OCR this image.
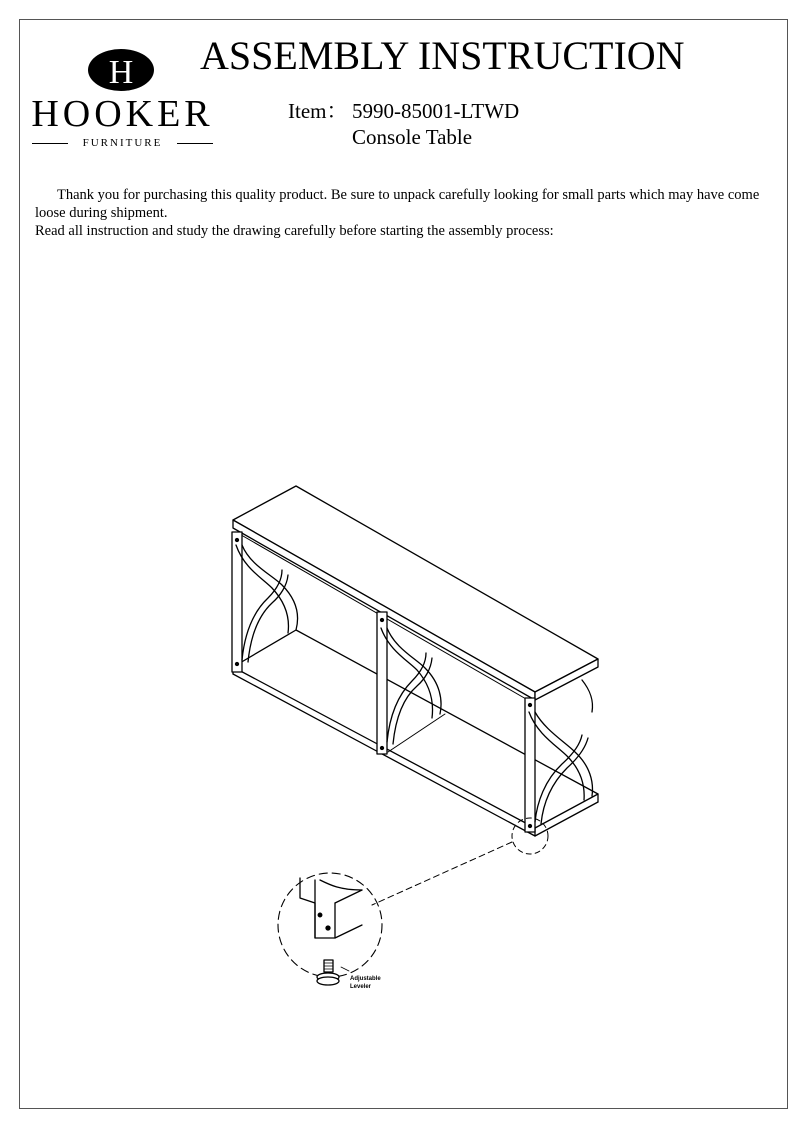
H
HOOKER
FURNITURE
ASSEMBLY INSTRUCTION
Item： 5990-85001-LTWD
Console Table

Thank you for purchasing this quality product. Be sure to unpack carefully looking for small parts which may have come loose during shipment.

Read all instruction and study the drawing carefully before starting the assembly process:

Adjustable
Leveler
